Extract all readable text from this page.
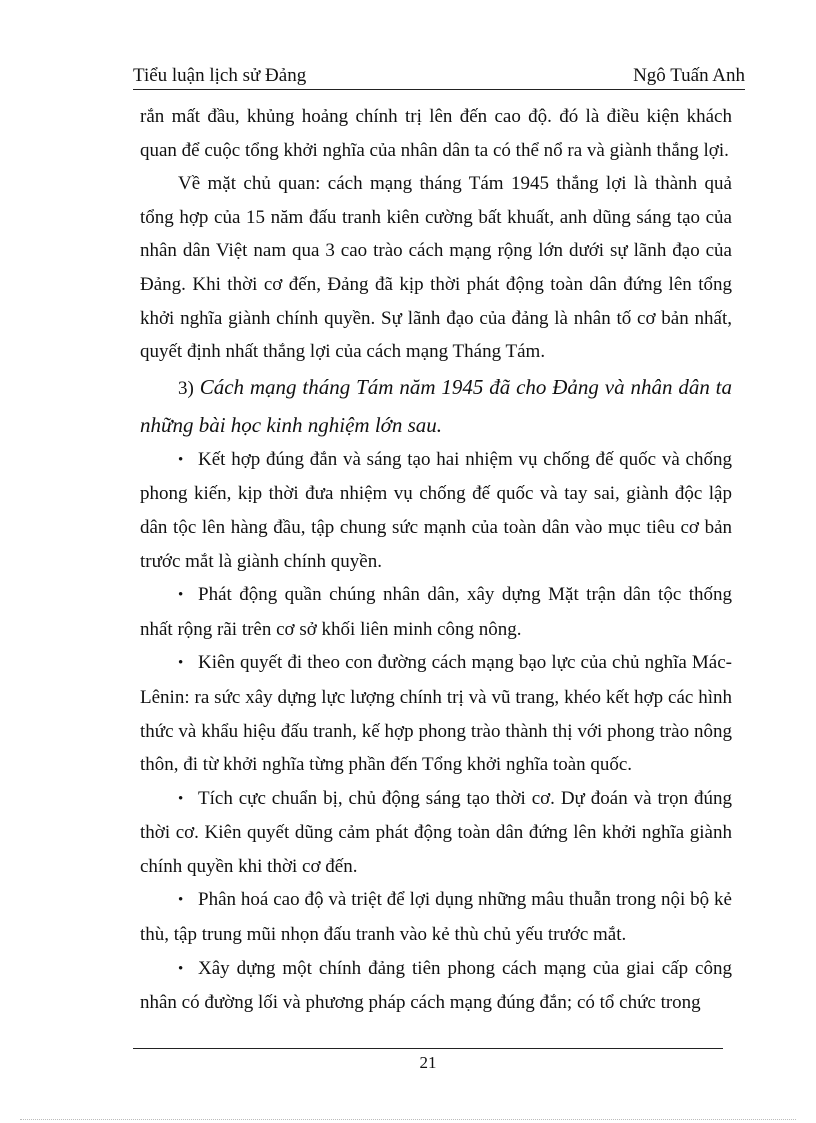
Tiểu luận lịch sử Đảng	Ngô Tuấn Anh

rắn mất đầu, khủng hoảng chính trị lên đến cao độ. đó là điều kiện khách quan để cuộc tổng khởi nghĩa của nhân dân ta có thể nổ ra và giành thắng lợi.

Về mặt chủ quan: cách mạng tháng Tám 1945 thắng lợi là thành quả tổng hợp của 15 năm đấu tranh kiên cường bất khuất, anh dũng sáng tạo của nhân dân Việt nam qua 3 cao trào cách mạng rộng lớn dưới sự lãnh đạo của Đảng. Khi thời cơ đến, Đảng đã kịp thời phát động toàn dân đứng lên tổng khởi nghĩa giành chính quyền. Sự lãnh đạo của đảng là nhân tố cơ bản nhất, quyết định nhất thắng lợi của cách mạng Tháng Tám.

3) Cách mạng tháng Tám năm 1945 đã cho Đảng và nhân dân ta những bài học kinh nghiệm lớn sau.

• Kết hợp đúng đắn và sáng tạo hai nhiệm vụ chống đế quốc và chống phong kiến, kịp thời đưa nhiệm vụ chống đế quốc và tay sai, giành độc lập dân tộc lên hàng đầu, tập chung sức mạnh của toàn dân vào mục tiêu cơ bản trước mắt là giành chính quyền.

• Phát động quần chúng nhân dân, xây dựng Mặt trận dân tộc thống nhất rộng rãi trên cơ sở khối liên minh công nông.

• Kiên quyết đi theo con đường cách mạng bạo lực của chủ nghĩa Mác-Lênin: ra sức xây dựng lực lượng chính trị và vũ trang, khéo kết hợp các hình thức và khẩu hiệu đấu tranh, kế hợp phong trào thành thị với phong trào nông thôn, đi từ khởi nghĩa từng phần đến Tổng khởi nghĩa toàn quốc.

• Tích cực chuẩn bị, chủ động sáng tạo thời cơ. Dự đoán và trọn đúng thời cơ. Kiên quyết dũng cảm phát động toàn dân đứng lên khởi nghĩa giành chính quyền khi thời cơ đến.

• Phân hoá cao độ và triệt để lợi dụng những mâu thuẫn trong nội bộ kẻ thù, tập trung mũi nhọn đấu tranh vào kẻ thù chủ yếu trước mắt.

• Xây dựng một chính đảng tiên phong cách mạng của giai cấp công nhân có đường lối và phương pháp cách mạng đúng đắn; có tổ chức trong

21
